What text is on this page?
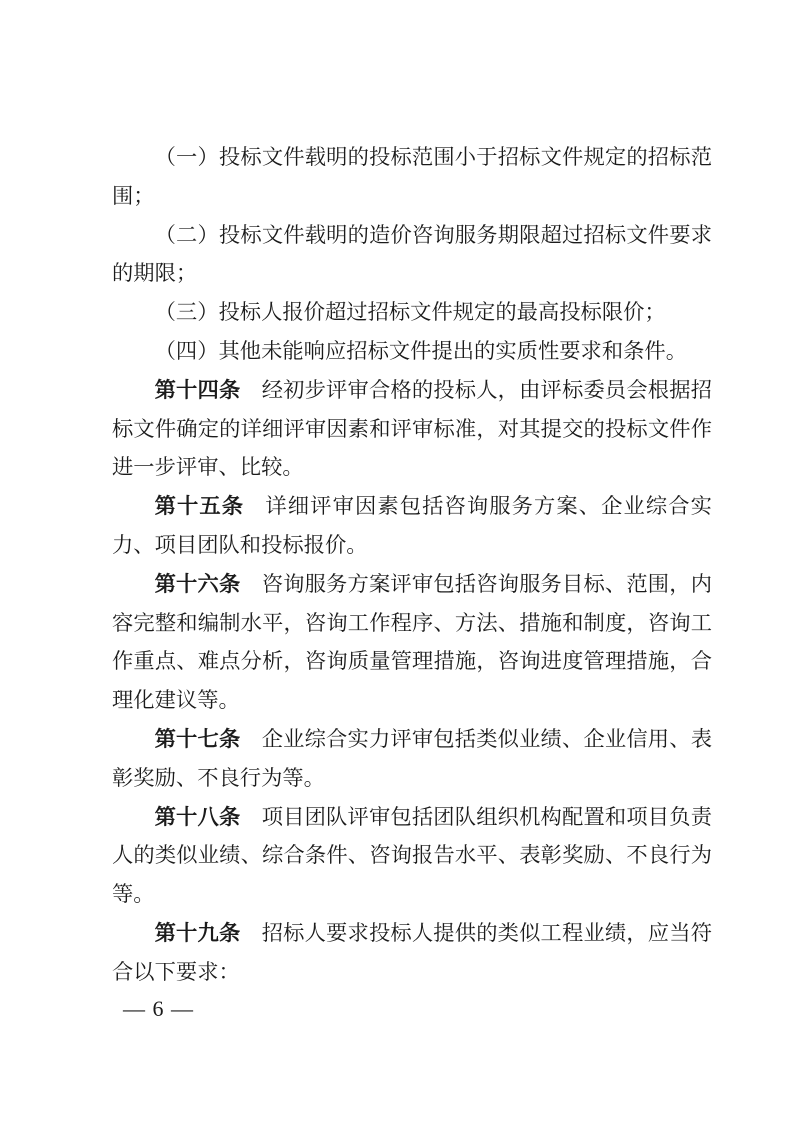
（一）投标文件载明的投标范围小于招标文件规定的招标范围；

（二）投标文件载明的造价咨询服务期限超过招标文件要求的期限；

（三）投标人报价超过招标文件规定的最高投标限价；

（四）其他未能响应招标文件提出的实质性要求和条件。

第十四条 经初步评审合格的投标人，由评标委员会根据招标文件确定的详细评审因素和评审标准，对其提交的投标文件作进一步评审、比较。

第十五条 详细评审因素包括咨询服务方案、企业综合实力、项目团队和投标报价。

第十六条 咨询服务方案评审包括咨询服务目标、范围，内容完整和编制水平，咨询工作程序、方法、措施和制度，咨询工作重点、难点分析，咨询质量管理措施，咨询进度管理措施，合理化建议等。

第十七条 企业综合实力评审包括类似业绩、企业信用、表彰奖励、不良行为等。

第十八条 项目团队评审包括团队组织机构配置和项目负责人的类似业绩、综合条件、咨询报告水平、表彰奖励、不良行为等。

第十九条 招标人要求投标人提供的类似工程业绩，应当符合以下要求：

— 6 —
